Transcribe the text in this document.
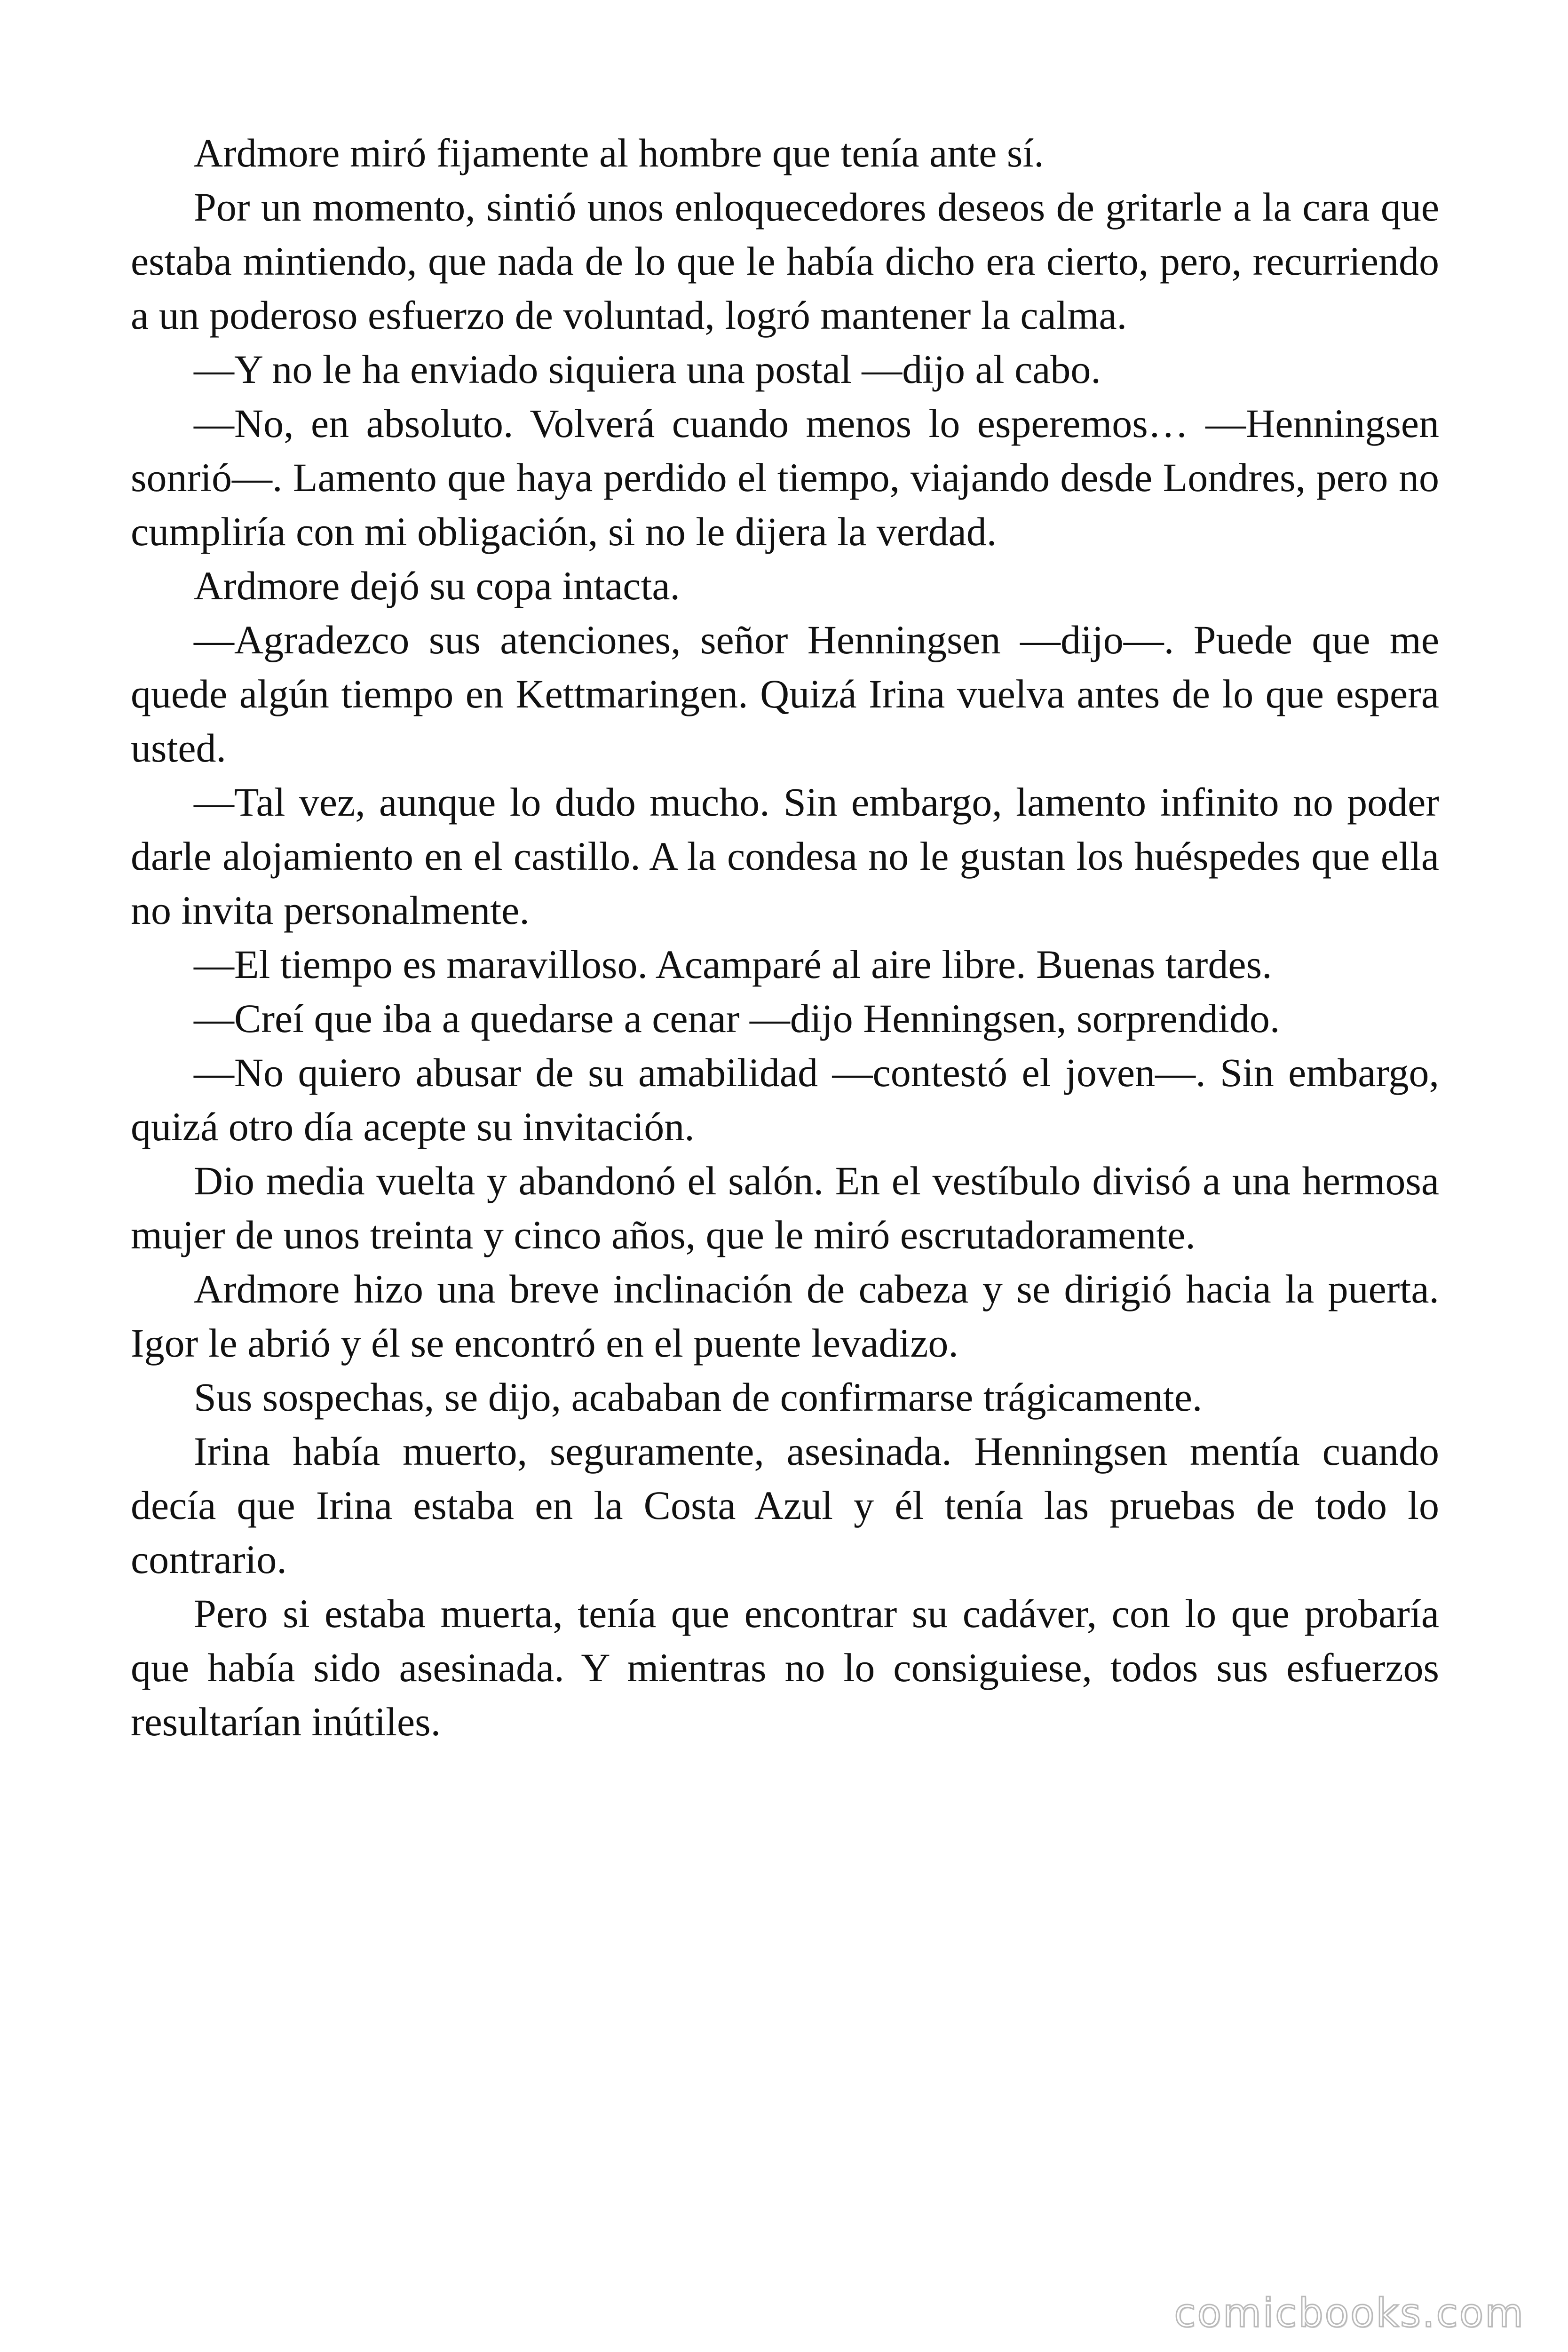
Ardmore miró fijamente al hombre que tenía ante sí.

Por un momento, sintió unos enloquecedores deseos de gritarle a la cara que estaba mintiendo, que nada de lo que le había dicho era cierto, pero, recurriendo a un poderoso esfuerzo de voluntad, logró mantener la calma.

—Y no le ha enviado siquiera una postal —dijo al cabo.

—No, en absoluto. Volverá cuando menos lo esperemos… —Henningsen sonrió—. Lamento que haya perdido el tiempo, viajando desde Londres, pero no cumpliría con mi obligación, si no le dijera la verdad.

Ardmore dejó su copa intacta.

—Agradezco sus atenciones, señor Henningsen —dijo—. Puede que me quede algún tiempo en Kettmaringen. Quizá Irina vuelva antes de lo que espera usted.

—Tal vez, aunque lo dudo mucho. Sin embargo, lamento infinito no poder darle alojamiento en el castillo. A la condesa no le gustan los huéspedes que ella no invita personalmente.

—El tiempo es maravilloso. Acamparé al aire libre. Buenas tardes.

—Creí que iba a quedarse a cenar —dijo Henningsen, sorprendido.

—No quiero abusar de su amabilidad —contestó el joven—. Sin embargo, quizá otro día acepte su invitación.

Dio media vuelta y abandonó el salón. En el vestíbulo divisó a una hermosa mujer de unos treinta y cinco años, que le miró escrutadoramente.

Ardmore hizo una breve inclinación de cabeza y se dirigió hacia la puerta. Igor le abrió y él se encontró en el puente levadizo.

Sus sospechas, se dijo, acababan de confirmarse trágicamente.

Irina había muerto, seguramente, asesinada. Henningsen mentía cuando decía que Irina estaba en la Costa Azul y él tenía las pruebas de todo lo contrario.

Pero si estaba muerta, tenía que encontrar su cadáver, con lo que probaría que había sido asesinada. Y mientras no lo consiguiese, todos sus esfuerzos resultarían inútiles.

comicbooks.com
